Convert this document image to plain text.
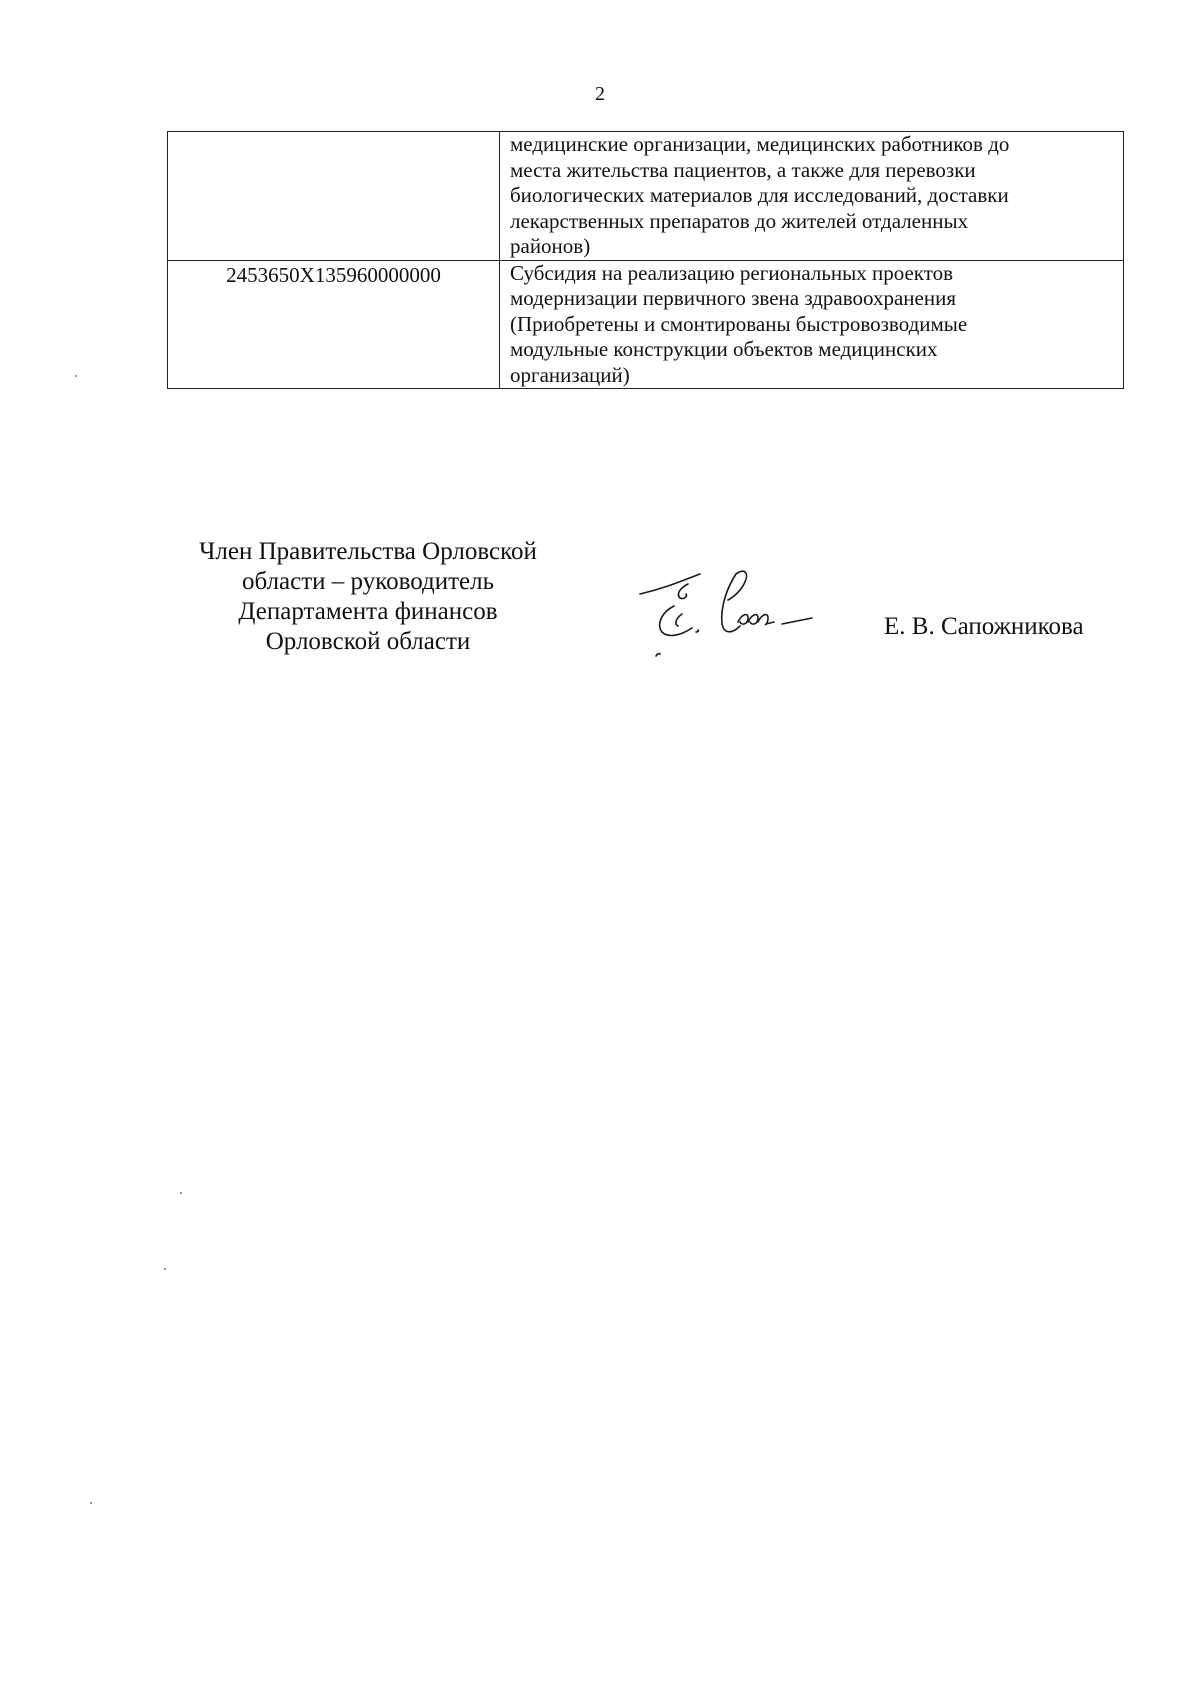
2

	медицинские организации, медицинских работников до
места жительства пациентов, а также для перевозки
биологических материалов для исследований, доставки
лекарственных препаратов до жителей отдаленных
районов)

2453650X135960000000	Субсидия на реализацию региональных проектов
модернизации первичного звена здравоохранения
(Приобретены и смонтированы быстровозводимые
модульные конструкции объектов медицинских
организаций)
Член Правительства Орловской
области – руководитель
Департамента финансов
Орловской области
Е. В. Сапожникова
